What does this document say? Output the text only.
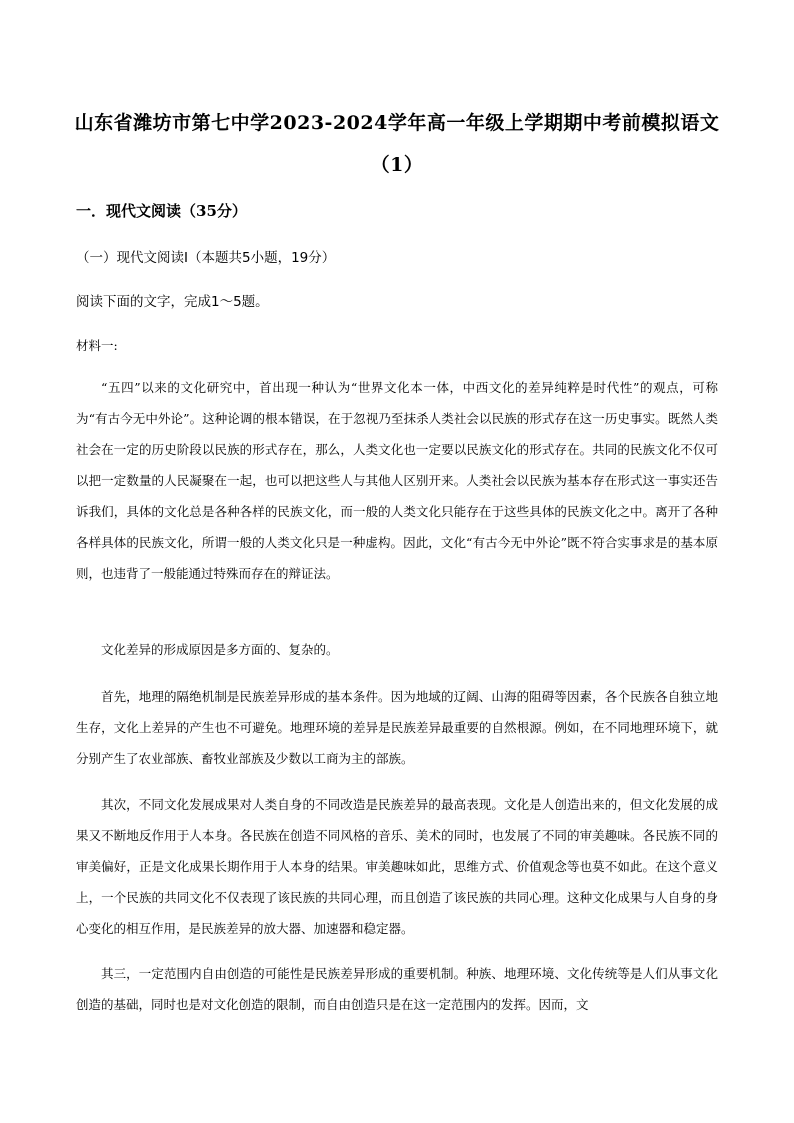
山东省潍坊市第七中学2023-2024学年高一年级上学期期中考前模拟语文
（1）
一．现代文阅读（35分）
（一）现代文阅读Ⅰ（本题共5小题，19分）
阅读下面的文字，完成1～5题。
材料一:

“五四”以来的文化研究中，首出现一种认为“世界文化本一体，中西文化的差异纯粹是时代性”的观点，可称为“有古今无中外论”。这种论调的根本错误，在于忽视乃至抹杀人类社会以民族的形式存在这一历史事实。既然人类社会在一定的历史阶段以民族的形式存在，那么，人类文化也一定要以民族文化的形式存在。共同的民族文化不仅可以把一定数量的人民凝聚在一起，也可以把这些人与其他人区别开来。人类社会以民族为基本存在形式这一事实还告诉我们，具体的文化总是各种各样的民族文化，而一般的人类文化只能存在于这些具体的民族文化之中。离开了各种各样具体的民族文化，所谓一般的人类文化只是一种虚构。因此，文化“有古今无中外论”既不符合实事求是的基本原则，也违背了一般能通过特殊而存在的辩证法。

文化差异的形成原因是多方面的、复杂的。

首先，地理的隔绝机制是民族差异形成的基本条件。因为地域的辽阔、山海的阻碍等因素，各个民族各自独立地生存，文化上差异的产生也不可避免。地理环境的差异是民族差异最重要的自然根源。例如，在不同地理环境下，就分别产生了农业部族、畜牧业部族及少数以工商为主的部族。

其次，不同文化发展成果对人类自身的不同改造是民族差异的最高表现。文化是人创造出来的，但文化发展的成果又不断地反作用于人本身。各民族在创造不同风格的音乐、美术的同时，也发展了不同的审美趣味。各民族不同的审美偏好，正是文化成果长期作用于人本身的结果。审美趣味如此，思维方式、价值观念等也莫不如此。在这个意义上，一个民族的共同文化不仅表现了该民族的共同心理，而且创造了该民族的共同心理。这种文化成果与人自身的身心变化的相互作用，是民族差异的放大器、加速器和稳定器。

其三，一定范围内自由创造的可能性是民族差异形成的重要机制。种族、地理环境、文化传统等是人们从事文化创造的基础，同时也是对文化创造的限制，而自由创造只是在这一定范围内的发挥。因而，文
